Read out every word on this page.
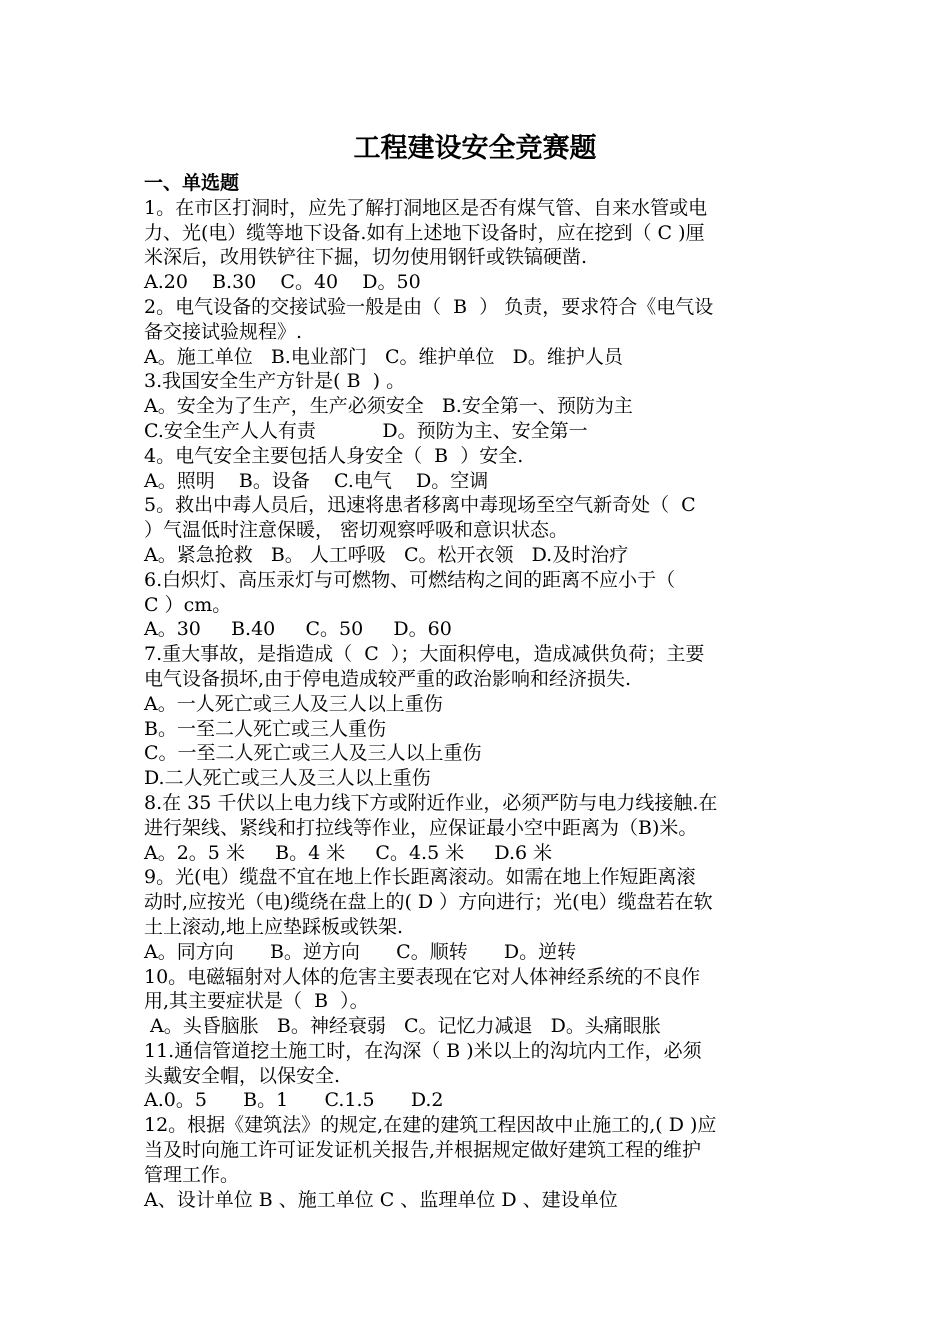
工程建设安全竞赛题
一、单选题
1。在市区打洞时，应先了解打洞地区是否有煤气管、自来水管或电
力、光(电）缆等地下设备.如有上述地下设备时，应在挖到（ C )厘
米深后，改用铁铲往下掘，切勿使用钢钎或铁镐硬凿.
A.20    B.30    C。40    D。50
2。电气设备的交接试验一般是由（  B  ） 负责，要求符合《电气设
备交接试验规程》.
A。施工单位   B.电业部门   C。维护单位   D。维护人员
3.我国安全生产方针是( B  ) 。
A。安全为了生产，生产必须安全   B.安全第一、预防为主
C.安全生产人人有责           D。预防为主、安全第一
4。电气安全主要包括人身安全（  B  ）安全.
A。照明    B。设备    C.电气    D。空调
5。救出中毒人员后，迅速将患者移离中毒现场至空气新奇处（  C
）气温低时注意保暖， 密切观察呼吸和意识状态。
A。紧急抢救   B。 人工呼吸   C。松开衣领   D.及时治疗
6.白炽灯、高压汞灯与可燃物、可燃结构之间的距离不应小于（
C ）cm。
A。30     B.40     C。50     D。60
7.重大事故，是指造成（  C  ）；大面积停电，造成减供负荷；主要
电气设备损坏,由于停电造成较严重的政治影响和经济损失.
A。一人死亡或三人及三人以上重伤
B。一至二人死亡或三人重伤
C。一至二人死亡或三人及三人以上重伤
D.二人死亡或三人及三人以上重伤
8.在 35 千伏以上电力线下方或附近作业，必须严防与电力线接触.在
进行架线、紧线和打拉线等作业，应保证最小空中距离为（B)米。
A。2。5 米     B。4 米     C。4.5 米     D.6 米
9。光(电）缆盘不宜在地上作长距离滚动。如需在地上作短距离滚
动时,应按光（电)缆绕在盘上的( D ）方向进行；光(电）缆盘若在软
土上滚动,地上应垫踩板或铁架.
A。同方向      B。逆方向      C。顺转      D。逆转
10。电磁辐射对人体的危害主要表现在它对人体神经系统的不良作
用,其主要症状是（  B  ）。
A。头昏脑胀   B。神经衰弱   C。记忆力减退   D。头痛眼胀
11.通信管道挖土施工时，在沟深（ B )米以上的沟坑内工作，必须
头戴安全帽，以保安全.
A.0。5      B。1      C.1.5      D.2
12。根据《建筑法》的规定,在建的建筑工程因故中止施工的,( D )应
当及时向施工许可证发证机关报告,并根据规定做好建筑工程的维护
管理工作。
A、设计单位 B 、施工单位 C 、监理单位 D 、建设单位
